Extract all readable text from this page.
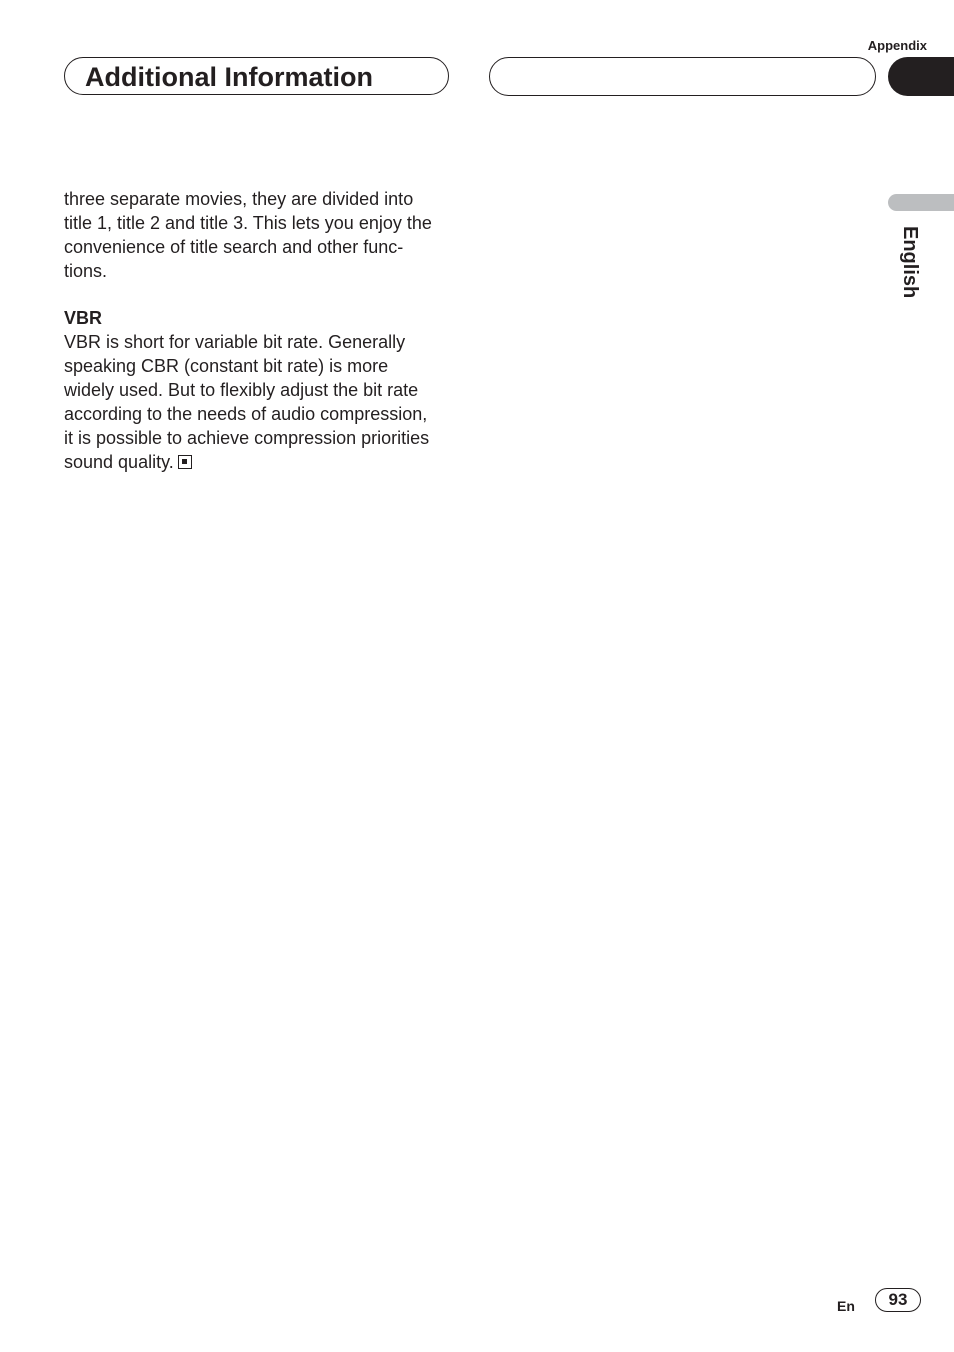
Appendix
Additional Information
English
three separate movies, they are divided into
title 1, title 2 and title 3. This lets you enjoy the
convenience of title search and other func-
tions.
VBR
VBR is short for variable bit rate. Generally
speaking CBR (constant bit rate) is more
widely used. But to flexibly adjust the bit rate
according to the needs of audio compression,
it is possible to achieve compression priorities
sound quality.
En	93
